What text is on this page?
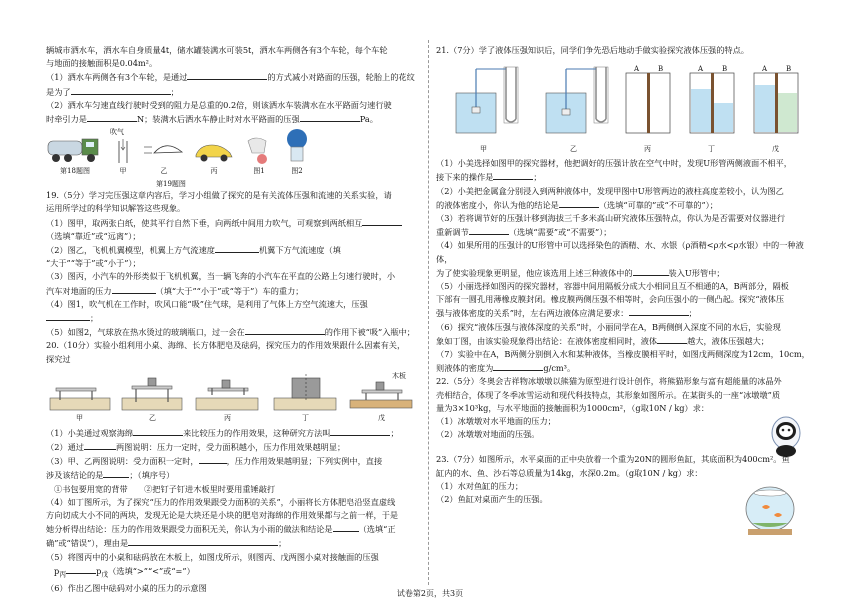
辆城市洒水车，洒水车自身质量4t，储水罐装满水可装5t，洒水车两侧各有3个车轮，每个车轮

与地面的接触面积是0.04m²。

（1）洒水车两侧各有3个车轮，是通过	的方式减小对路面的压强，轮胎上的花纹

是为了	；

（2）洒水车匀速直线行驶时受到的阻力是总重的0.2倍，则该洒水车装满水在水平路面匀速行驶

时牵引力是	N；装满水后洒水车静止时对水平路面的压强	Pa。

第18题图
吹气
甲	乙	丙	图1	图2

第19题图

19.（5分）学习完压强这章内容后，学习小组做了探究的是有关流体压强和流速的关系实验，请

运用所学过的科学知识解答这些现象。

（1）图甲，取两张白纸，使其平行自然下垂，向两纸中间用力吹气，可观察到两纸相互

（选填“靠近”或“远离”）；

（2）图乙，飞机机翼模型，机翼上方气流速度	机翼下方气流速度（填

“大于”“等于”或“小于”）；

（3）图丙，小汽车的外形类似于飞机机翼，当一辆飞奔的小汽车在平直的公路上匀速行驶时，小

汽车对地面的压力	（填“大于”“小于”或“等于”）车的重力；

（4）图1，吹气机在工作时，吹风口能“吸”住气球，是利用了气体上方空气流速大，压强

；

（5）如图2，气球放在热水烫过的玻璃瓶口，过一会在	的作用下被“吸”入瓶中；

20.（10分）实验小组利用小桌、海绵、长方体肥皂及砝码，探究压力的作用效果跟什么因素有关，

探究过

木板
甲	乙	丙	丁	戊

（1）小美通过观察海绵	来比较压力的作用效果，这种研究方法叫	；

（2）通过	两图说明：压力一定时，受力面积越小，压力作用效果越明显；

（3）甲、乙两图说明：受力面积一定时，	，压力作用效果越明显；下列实例中，直接

涉及该结论的是	；（填序号）

①书包要用宽的背带　　②把钉子钉进木板里时要用重锤敲打

（4）如丁图所示，为了探究“压力的作用效果跟受力面积的关系”，小丽将长方体肥皂沿竖直虚线

方向切成大小不同的两块，发现无论是大块还是小块的肥皂对海绵的作用效果都与之前一样，于是

她分析得出结论：压力的作用效果跟受力面积无关，你认为小雨的做法和结论是	（选填“正

确”或“错误”），理由是	；

（5）将图丙中的小桌和砝码放在木板上，如图戊所示，则图丙、戊两图小桌对接触面的压强

$p_丙$	$p_戊$（选填“>”“<”或“=”）

（6）作出乙图中砝码对小桌的压力的示意图

21.（7分）学了液体压强知识后，同学们争先恐后地动手做实验探究液体压强的特点。

A	B	A	B	A	B
甲	乙	丙	丁	戊

（1）小美选择如图甲的探究器材，他把调好的压强计放在空气中时，发现U形管两侧液面不相平，

接下来的操作是	；

（2）小美把金属盒分别浸入到两种液体中，发现甲图中U形管两边的液柱高度差较小，认为图乙

的液体密度小，你认为他的结论是	（选填“可靠的”或“不可靠的”）；

（3）若将调节好的压强计移到海拔三千多米高山研究液体压强特点，你认为是否需要对仪器进行

重新调节	（选填“需要”或“不需要”）；

（4）如果所用的压强计的U形管中可以选择染色的酒精、水、水银（ρ酒精<ρ水<ρ水银）中的一种液体，

为了使实验现象更明显，他应该选用上述三种液体中的	装入U形管中；

（5）小丽选择如图丙的探究器材，容器中间用隔板分成大小相同且互不相通的A，B两部分，隔板

下部有一圆孔用薄橡皮膜封闭。橡皮膜两侧压强不相等时，会向压强小的一侧凸起。探究“液体压

强与液体密度的关系”时，左右两边液体应满足要求：	；

（6）探究“液体压强与液体深度的关系”时，小丽同学在A，B两侧倒入深度不同的水后，实验现

象如丁图，由该实验现象得出结论：在液体密度相同时，液体	越大，液体压强越大；

（7）实验中在A，B两侧分别倒入水和某种液体，当橡皮膜相平时，如图戊两侧深度为12cm，10cm，

则液体的密度为	g/cm³。

22.（5分）冬奥会吉祥物冰墩墩以熊猫为原型进行设计创作，将熊猫形象与富有超能量的冰晶外

壳相结合，体现了冬季冰雪运动和现代科技特点，其形象如图所示。在某街头的一座“冰墩墩”质

量为3×10³kg，与水平地面的接触面积为1000cm²，（g取10N / kg）求：

（1）冰墩墩对水平地面的压力；

（2）冰墩墩对地面的压强。

23.（7分）如图所示，水平桌面的正中央放着一个重为20N的圆形鱼缸，其底面积为400cm²。鱼

缸内的水、鱼、沙石等总质量为14kg，水深0.2m。（g取10N / kg）求：

（1）水对鱼缸的压力；

（2）鱼缸对桌面产生的压强。

试卷第2页，共3页
